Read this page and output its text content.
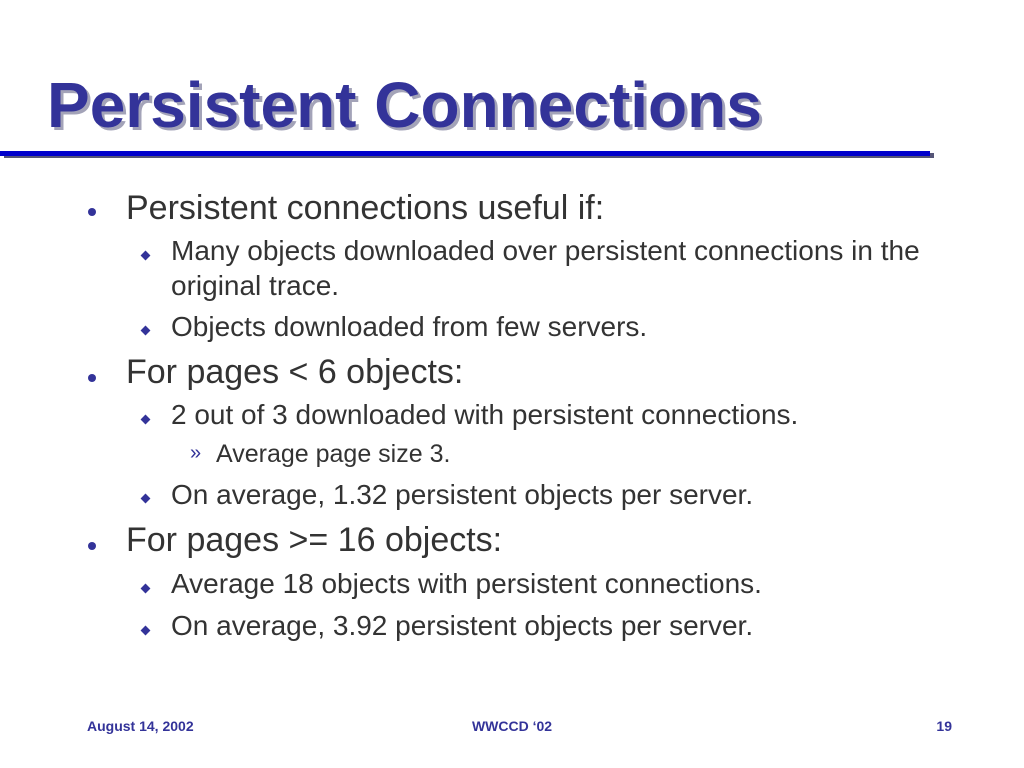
Persistent Connections
Persistent connections useful if:
Many objects downloaded over persistent connections in the original trace.
Objects downloaded from few servers.
For pages < 6 objects:
2 out of 3 downloaded with persistent connections.
» Average page size 3.
On average, 1.32 persistent objects per server.
For pages >= 16 objects:
Average 18 objects with persistent connections.
On average, 3.92 persistent objects per server.
August 14, 2002	WWCCD ‘02	19
